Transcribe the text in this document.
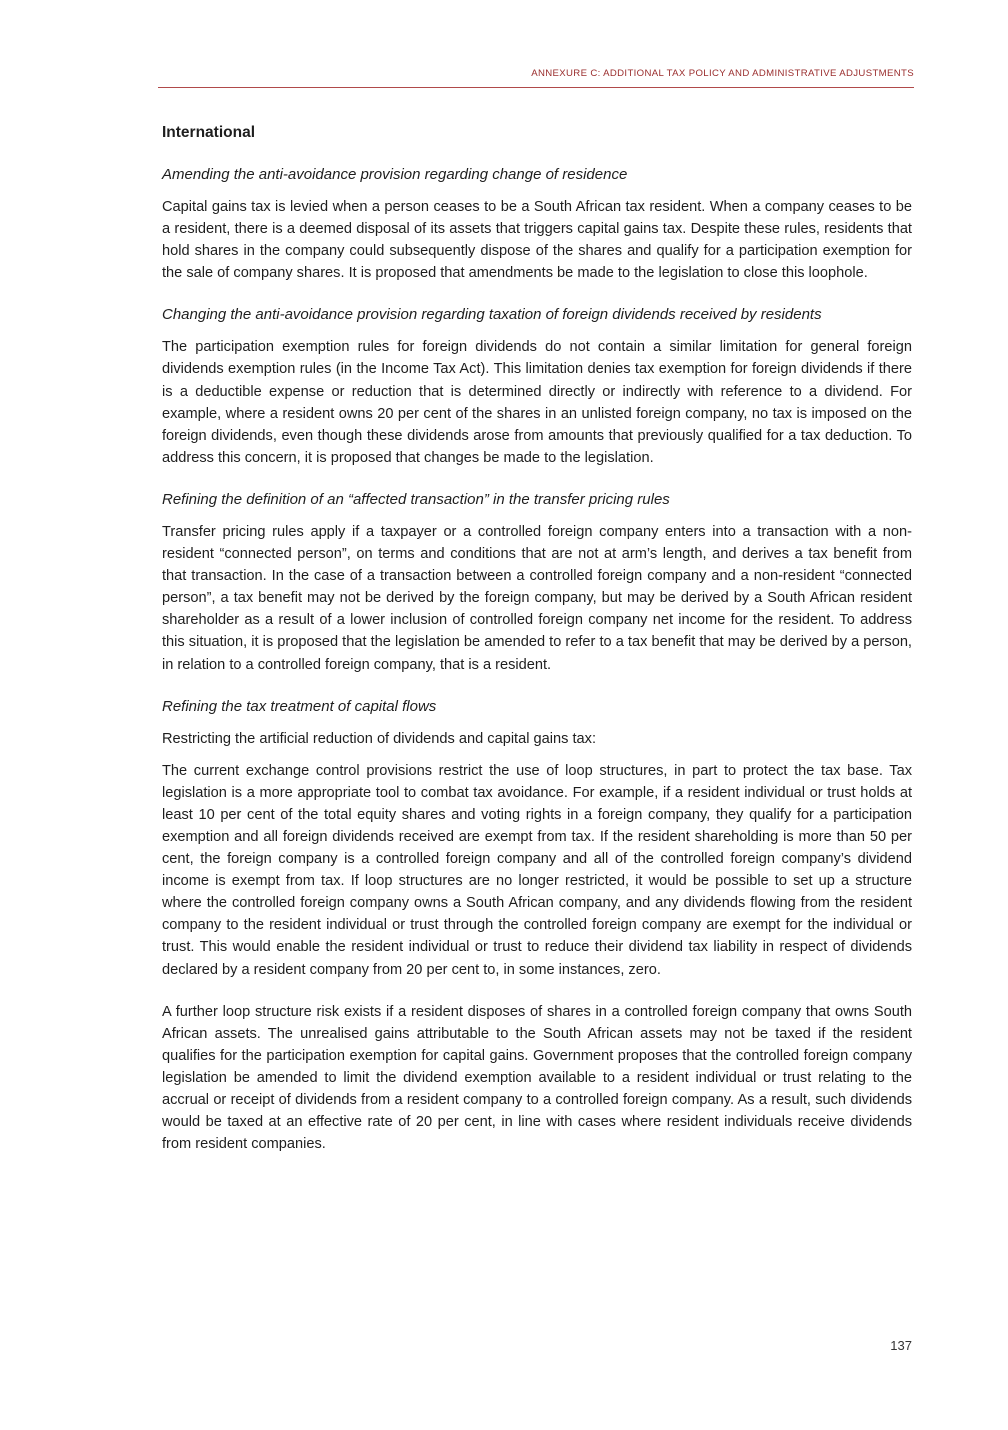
ANNEXURE C: ADDITIONAL TAX POLICY AND ADMINISTRATIVE ADJUSTMENTS
International
Amending the anti-avoidance provision regarding change of residence

Capital gains tax is levied when a person ceases to be a South African tax resident. When a company ceases to be a resident, there is a deemed disposal of its assets that triggers capital gains tax. Despite these rules, residents that hold shares in the company could subsequently dispose of the shares and qualify for a participation exemption for the sale of company shares. It is proposed that amendments be made to the legislation to close this loophole.

Changing the anti-avoidance provision regarding taxation of foreign dividends received by residents

The participation exemption rules for foreign dividends do not contain a similar limitation for general foreign dividends exemption rules (in the Income Tax Act). This limitation denies tax exemption for foreign dividends if there is a deductible expense or reduction that is determined directly or indirectly with reference to a dividend. For example, where a resident owns 20 per cent of the shares in an unlisted foreign company, no tax is imposed on the foreign dividends, even though these dividends arose from amounts that previously qualified for a tax deduction. To address this concern, it is proposed that changes be made to the legislation.

Refining the definition of an “affected transaction” in the transfer pricing rules

Transfer pricing rules apply if a taxpayer or a controlled foreign company enters into a transaction with a non-resident “connected person”, on terms and conditions that are not at arm’s length, and derives a tax benefit from that transaction. In the case of a transaction between a controlled foreign company and a non-resident “connected person”, a tax benefit may not be derived by the foreign company, but may be derived by a South African resident shareholder as a result of a lower inclusion of controlled foreign company net income for the resident. To address this situation, it is proposed that the legislation be amended to refer to a tax benefit that may be derived by a person, in relation to a controlled foreign company, that is a resident.

Refining the tax treatment of capital flows

Restricting the artificial reduction of dividends and capital gains tax:

The current exchange control provisions restrict the use of loop structures, in part to protect the tax base. Tax legislation is a more appropriate tool to combat tax avoidance. For example, if a resident individual or trust holds at least 10 per cent of the total equity shares and voting rights in a foreign company, they qualify for a participation exemption and all foreign dividends received are exempt from tax. If the resident shareholding is more than 50 per cent, the foreign company is a controlled foreign company and all of the controlled foreign company’s dividend income is exempt from tax. If loop structures are no longer restricted, it would be possible to set up a structure where the controlled foreign company owns a South African company, and any dividends flowing from the resident company to the resident individual or trust through the controlled foreign company are exempt for the individual or trust. This would enable the resident individual or trust to reduce their dividend tax liability in respect of dividends declared by a resident company from 20 per cent to, in some instances, zero.

A further loop structure risk exists if a resident disposes of shares in a controlled foreign company that owns South African assets. The unrealised gains attributable to the South African assets may not be taxed if the resident qualifies for the participation exemption for capital gains. Government proposes that the controlled foreign company legislation be amended to limit the dividend exemption available to a resident individual or trust relating to the accrual or receipt of dividends from a resident company to a controlled foreign company. As a result, such dividends would be taxed at an effective rate of 20 per cent, in line with cases where resident individuals receive dividends from resident companies.

137
